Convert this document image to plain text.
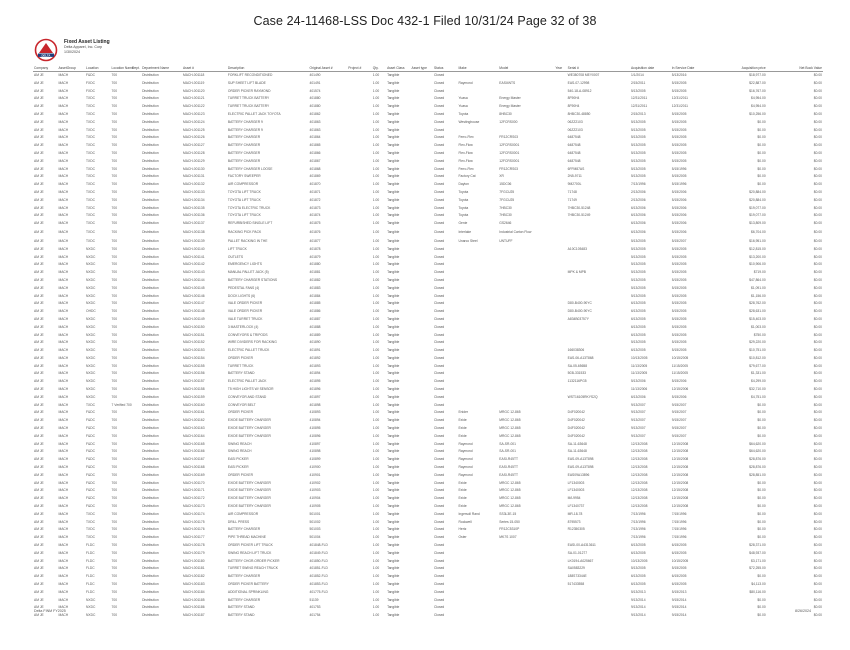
Case 24-11468-LSS Doc 432-1 Filed 10/31/24 Page 32 of 38
DELTA
Fixed Asset Listing
Delta Apparel, Inc. Corp
1/30/2024
Company	AssetGroup	Location	Location Name	Dept.	Department Name	Asset #	Description	Original Asset #	Project #	Qty.	Asset Class	Asset type	Status	Make	Model	Year	Serial #	Acquisition date	In Service Date	Acquisition price	Net Book Value
AM JE	MACH	F&DC	700		Distribution	MACH-001118	FORKLIFT RECONDITIONED	401490		1.00	Tangible		Closed				WE380708 MEY0007	1/1/2014	5/13/2016	$18,977.00	$0.00
AM JE	MACH	FXDC	700		Distribution	MACH-001119	SUP SHEET LIFT BLADE	401491		1.00	Tangible		Closed	Raymond	EASI4NTS		EAS-07-12998	2/15/2011	5/15/2005	$22,887.00	$0.00
AM JE	MACH	FXDC	700		Distribution	MACH-001120	ORDER PICKER RAYMOND	401574		1.00	Tangible		Closed				540-18-A-08912	5/13/2005	5/15/2005	$16,767.00	$0.00
AM JE	MACH	TXDC	700		Distribution	MACH-001121	TURRET TRUCK BATTERY	401880		1.00	Tangible		Closed	Yuasa	Energy Master		8F90H4	12/31/2011	12/31/2011	$4,954.00	$0.00
AM JE	MACH	TXDC	700		Distribution	MACH-001122	TURRET TRUCK BATTERY	401880		1.00	Tangible		Closed	Yuasa	Energy Master		8F90H4	12/31/2011	12/31/2011	$4,954.00	$0.00
AM JE	MACH	TXDC	700		Distribution	MACH-001123	ELECTRIC PALLET JACK TOYOTA	401862		1.00	Tangible		Closed	Toyota	8HBC30		8HBC30-48850	2/15/2013	5/15/2005	$10,256.00	$0.00
AM JE	MACH	TXDC	700		Distribution	MACH-001124	BATTERY CHARGER 9	401863		1.00	Tangible		Closed	Westinghouse	12FCRS000		06ZZ2103	5/13/2005	5/15/2005	$0.00	$0.00
AM JE	MACH	TXDC	700		Distribution	MACH-001125	BATTERY CHARGER 9	401863		1.00	Tangible		Closed				06ZZ2103	5/13/2005	5/15/2005	$0.00	$0.00
AM JE	MACH	TXDC	700		Distribution	MACH-001126	BATTERY CHARGER	401864		1.00	Tangible		Closed	Ferro-Flex	FR12CRS03		6487548	5/13/2005	5/15/2005	$0.00	$0.00
AM JE	MACH	TXDC	700		Distribution	MACH-001127	BATTERY CHARGER	401865		1.00	Tangible		Closed	Flex-Flow	12FCRS0001		6487548	5/13/2005	5/15/2005	$0.00	$0.00
AM JE	MACH	TXDC	700		Distribution	MACH-001128	BATTERY CHARGER	401866		1.00	Tangible		Closed	Flex-Flow	12FCRS0001		6487548	5/13/2005	5/15/2005	$0.00	$0.00
AM JE	MACH	TXDC	700		Distribution	MACH-001129	BATTERY CHARGER	401867		1.00	Tangible		Closed	Flex-Flow	12FCRS0001		6487548	5/13/2005	5/15/2005	$0.00	$0.00
AM JE	MACH	TXDC	700		Distribution	MACH-001130	BATTERY CHARGER LOOSE	401868		1.00	Tangible		Closed	Ferro-Flex	FR12CRS03		6FFM87AS	5/13/2005	5/15/1996	$0.00	$0.00
AM JE	MACH	TXDC	700		Distribution	MACH-001131	FACTORY SWEEPER	401869		1.00	Tangible		Closed	Factory Cat	XR		2N5-9711	5/13/2005	5/15/2005	$0.00	$0.00
AM JE	MACH	TXDC	700		Distribution	MACH-001132	AIR COMPRESSOR	401870		1.00	Tangible		Closed	Dayton	15DC06		9M2700L	7/13/1996	5/15/1996	$0.00	$0.00
AM JE	MACH	TXDC	700		Distribution	MACH-001133	TOYOTA LIFT TRUCK	401871		1.00	Tangible		Closed	Toyota	7FGCU25		71748	2/13/2006	5/15/2006	$20,884.00	$0.00
AM JE	MACH	TXDC	700		Distribution	MACH-001134	TOYOTA LIFT TRUCK	401872		1.00	Tangible		Closed	Toyota	7FGCU25		71749	2/13/2006	5/15/2006	$20,884.00	$0.00
AM JE	MACH	TXDC	700		Distribution	MACH-001135	TOYOTA ELECTRIC TRUCK	401873		1.00	Tangible		Closed	Toyota	7HBC30		7HBC30-51248	6/13/2006	5/15/2006	$19,077.00	$0.00
AM JE	MACH	TXDC	700		Distribution	MACH-001136	TOYOTA LIFT TRUCK	401874		1.00	Tangible		Closed	Toyota	7HBC30		7HBC30-51249	6/13/2006	5/15/2006	$19,077.00	$0.00
AM JE	MACH	TXDC	700		Distribution	MACH-001137	REFURBISHED SINGLE LIFT	401875		1.00	Tangible		Closed	Genie	GS2646			6/13/2006	5/15/2006	$13,809.00	$0.00
AM JE	MACH	TXDC	700		Distribution	MACH-001138	RACKING PICK PACK	401876		1.00	Tangible		Closed	Interlake	Industrial Carton Flow			6/13/2006	5/15/2006	$6,704.00	$0.00
AM JE	MACH	TXDC	700		Distribution	MACH-001139	PALLET RACKING IN THE	401877		1.00	Tangible		Closed	Unarco Steel	UNTUFF			5/13/2005	5/15/2007	$16,951.00	$0.00
AM JE	MACH	NXDC	700		Distribution	MACH-001140	LIFT TRUCK	401878		1.00	Tangible		Closed				A10C105483	5/13/2005	5/15/2005	$12,815.00	$0.00
AM JE	MACH	NXDC	700		Distribution	MACH-001141	OUTLETS	401879		1.00	Tangible		Closed					5/13/2005	5/15/2005	$13,200.00	$0.00
AM JE	MACH	NXDC	700		Distribution	MACH-001142	EMERGENCY LIGHTS	401880		1.00	Tangible		Closed					5/13/2005	5/15/2005	$10,906.00	$0.00
AM JE	MACH	NXDC	700		Distribution	MACH-001143	MANUAL PALLET JACK (5)	401881		1.00	Tangible		Closed				MPK & MPB	5/13/2005	5/15/2005	$719.00	$0.00
AM JE	MACH	NXDC	700		Distribution	MACH-001144	BATTERY CHARGER STATIONS	401882		1.00	Tangible		Closed					5/13/2005	5/15/2005	$47,864.00	$0.00
AM JE	MACH	NXDC	700		Distribution	MACH-001145	PEDESTAL FANS (4)	401883		1.00	Tangible		Closed					5/13/2005	5/15/2005	$1,091.00	$0.00
AM JE	MACH	NXDC	700		Distribution	MACH-001146	DOCK LIGHTS (6)	401884		1.00	Tangible		Closed					5/13/2005	5/15/2005	$1,156.00	$0.00
AM JE	MACH	NXDC	700		Distribution	MACH-001147	VALE ORDER PICKER	401885		1.00	Tangible		Closed				D80-B400-90YC	6/13/2005	5/15/2005	$28,762.00	$0.00
AM JE	MACH	OHDC	700		Distribution	MACH-001148	VALE ORDER PICKER	401886		1.00	Tangible		Closed				D80-B400-90YC	6/13/2005	5/15/2005	$28,631.00	$0.00
AM JE	MACH	NXDC	700		Distribution	MACH-001149	VALE TURRET TRUCK	401887		1.00	Tangible		Closed				A834B03757Y	6/13/2005	5/15/2005	$15,403.00	$0.00
AM JE	MACH	NXDC	700		Distribution	MACH-001150	3 MASTERLOCK (4)	401888		1.00	Tangible		Closed					6/13/2005	5/15/2005	$1,003.00	$0.00
AM JE	MACH	NXDC	700		Distribution	MACH-001151	CONVEYORS & TRIPODS	401889		1.00	Tangible		Closed					6/13/2005	5/15/2005	$750.00	$0.00
AM JE	MACH	NXDC	700		Distribution	MACH-001152	WIRE DIVIDERS FOR RACKING	401890		1.00	Tangible		Closed					5/13/2005	5/15/2005	$29,220.00	$0.00
AM JE	MACH	NXDC	700		Distribution	MACH-001153	ELECTRIC PALLET TRUCK	401891		1.00	Tangible		Closed				166038306	6/13/2005	5/15/2005	$10,751.00	$0.00
AM JE	MACH	NXDC	700		Distribution	MACH-001154	ORDER PICKER	401892		1.00	Tangible		Closed				EAS-06-A13T868	10/13/2005	10/15/2005	$10,812.00	$0.00
AM JE	MACH	NXDC	700		Distribution	MACH-001155	TURRET TRUCK	401893		1.00	Tangible		Closed				SA-05-65658	11/13/2005	11/15/2005	$79,677.00	$0.00
AM JE	MACH	NXDC	700		Distribution	MACH-001156	BATTERY STAND	401894		1.00	Tangible		Closed				503L331533	11/13/2005	11/15/2005	$1,331.00	$0.00
AM JE	MACH	NXDC	700		Distribution	MACH-001157	ELECTRIC PALLET JACK	401895		1.00	Tangible		Closed				1132116PG5	5/13/2006	5/15/2006	$4,299.00	$0.00
AM JE	MACH	NXDC	700		Distribution	MACH-001158	T5 HIGH LIGHTS W/ SENSOR	401896		1.00	Tangible		Closed					11/13/2006	12/15/2006	$32,710.00	$0.00
AM JE	MACH	NXDC	700		Distribution	MACH-001159	CONVEYOR AND STAND	401897		1.00	Tangible		Closed				WST16105RKYS2Q	6/13/2006	5/15/2006	$4,751.00	$0.00
AM JE	MACH	TXDC	7 Verified 700		Distribution	MACH-001160	CONVEYOR BELT	401898		1.00	Tangible		Closed					9/13/2007	9/15/2007	$0.00	$0.00
AM JE	MACH	F&DC	700		Distribution	MACH-001161	ORDER PICKER	410893		1.00	Tangible		Closed	Enider	MRGC 12-865		D4F020042	9/13/2007	9/15/2007	$0.00	$0.00
AM JE	MACH	F&DC	700		Distribution	MACH-001162	EXIDE BATTERY CHARGER	410894		1.00	Tangible		Closed	Exide	MRGC 12-865		D4F020042	9/13/2007	9/15/2007	$0.00	$0.00
AM JE	MACH	F&DC	700		Distribution	MACH-001163	EXIDE BATTERY CHARGER	410895		1.00	Tangible		Closed	Exide	MRGC 12-865		D4F020042	9/13/2007	9/15/2007	$0.00	$0.00
AM JE	MACH	F&DC	700		Distribution	MACH-001164	EXIDE BATTERY CHARGER	410896		1.00	Tangible		Closed	Exide	MRGC 12-865		D4F020042	9/13/2007	9/15/2007	$0.00	$0.00
AM JE	MACH	F&DC	700		Distribution	MACH-001165	SWING REACH	410897		1.00	Tangible		Closed	Raymond	SA-SR-001		SA-11-63648	12/13/2008	12/15/2008	$64,620.00	$0.00
AM JE	MACH	F&DC	700		Distribution	MACH-001166	SWING REACH	410898		1.00	Tangible		Closed	Raymond	SA-SR-001		SA-11-63648	12/13/2008	12/15/2008	$64,620.00	$0.00
AM JE	MACH	F&DC	700		Distribution	MACH-001167	EASI PICKER	410899		1.00	Tangible		Closed	Raymond	EASI-R45TT		EAS-09-A13T898	12/13/2008	12/15/2008	$28,876.00	$0.00
AM JE	MACH	F&DC	700		Distribution	MACH-001168	EASI PICKER	410900		1.00	Tangible		Closed	Raymond	EASI-R45TT		EAS-09-A13T898	12/13/2008	12/15/2008	$28,876.00	$0.00
AM JE	MACH	F&DC	700		Distribution	MACH-001169	ORDER PICKER	410901		1.00	Tangible		Closed	Raymond	EASI-R45TT		EAS09A13896	12/13/2008	12/15/2008	$28,851.00	$0.00
AM JE	MACH	F&DC	700		Distribution	MACH-001170	EXIDE BATTERY CHARGER	410902		1.00	Tangible		Closed	Exide	MRGC 12-865		LF1340003	12/13/2008	12/15/2008	$0.00	$0.00
AM JE	MACH	F&DC	700		Distribution	MACH-001171	EXIDE BATTERY CHARGER	410903		1.00	Tangible		Closed	Exide	MRGC 12-865		LF1340003	12/13/2008	12/15/2008	$0.00	$0.00
AM JE	MACH	F&DC	700		Distribution	MACH-001172	EXIDE BATTERY CHARGER	410904		1.00	Tangible		Closed	Exide	MRGC 12-865		M/L9954	12/13/2008	12/15/2008	$0.00	$0.00
AM JE	MACH	F&DC	700		Distribution	MACH-001173	EXIDE BATTERY CHARGER	410905		1.00	Tangible		Closed	Exide	MRGC 12-865		LF1340737	12/13/2008	12/15/2008	$0.00	$0.00
AM JE	MACH	TXDC	700		Distribution	MACH-001174	AIR COMPRESSOR	501001		1.00	Tangible		Closed	Ingersoll Rand	SS3L3E-15		MR-18-78	7/13/1996	7/15/1996	$0.00	$0.00
AM JE	MACH	TXDC	700		Distribution	MACH-001175	DRILL PRESS	501002		1.00	Tangible		Closed	Rockwell	Series 15-050		8795573	7/13/1996	7/15/1996	$0.00	$0.00
AM JE	MACH	TXDC	700		Distribution	MACH-001176	BATTERY CHARGER	501003		1.00	Tangible		Closed	Hertz	FR12C5310P		R12350305	7/13/1996	7/15/1996	$0.00	$0.00
AM JE	MACH	TXDC	700		Distribution	MACH-001177	PIPE THREAD MACHINE	501004		1.00	Tangible		Closed	Oster	MK7S 1007			7/13/1996	7/15/1996	$0.00	$0.00
AM JE	MACH	FLDC	700		Distribution	MACH-001178	ORDER PICKER LIFT TRUCK	401848-FLD		1.00	Tangible		Closed				EASI-00-A4313611	6/13/2005	6/15/2005	$28,371.00	$0.00
AM JE	MACH	FLDC	700		Distribution	MACH-001179	SWING REACH LIFT TRUCK	401849-FLD		1.00	Tangible		Closed				SA-01-01277	6/13/2005	6/15/2005	$48,937.00	$0.00
AM JE	MACH	FLDC	700		Distribution	MACH-001180	BATTERY CHGR-ORDER PICKER	401850-FLD		1.00	Tangible		Closed				LK0194-A025667	10/13/2005	10/15/2005	$3,171.00	$0.00
AM JE	MACH	FLDC	700		Distribution	MACH-001181	TURRET SWING REACH TRUCK	401851-FLD		1.00	Tangible		Closed				SA0583229	5/13/2005	5/15/2005	$72,255.00	$0.00
AM JE	MACH	FLDC	700		Distribution	MACH-001182	BATTERY CHARGER	401852-FLD		1.00	Tangible		Closed				188S73344E	6/13/2005	6/15/2005	$0.00	$0.00
AM JE	MACH	FLDC	700		Distribution	MACH-001183	ORDER PICKER BATTERY	401853-FLD		1.00	Tangible		Closed				517433558	6/13/2005	6/15/2005	$4,113.00	$0.00
AM JE	MACH	FLDC	700		Distribution	MACH-001184	ADDITIONAL SPRINKLING	401775-FLD		1.00	Tangible		Closed					5/13/2013	5/15/2013	$80,116.00	$0.00
AM JE	MACH	NXDC	700		Distribution	MACH-001185	BATTERY CHARGER	51139		1.00	Tangible		Closed					9/13/2014	9/15/2014	$0.00	$0.00
AM JE	MACH	NXDC	700		Distribution	MACH-001186	BATTERY STAND	401753		1.00	Tangible		Closed					9/13/2014	9/15/2014	$0.00	$0.00
AM JE	MACH	NXDC	700		Distribution	MACH-001187	BATTERY STAND	401754		1.00	Tangible		Closed					9/13/2014	9/15/2014	$0.00	$0.00
Delta FINM FY2025	8/26/2024
